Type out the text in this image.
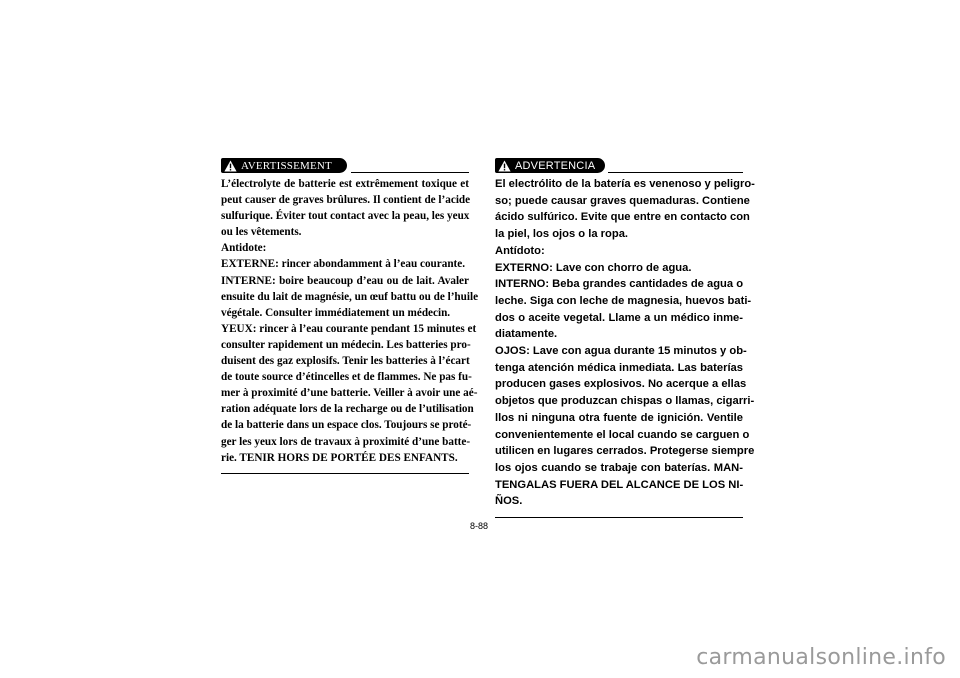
AVERTISSEMENT
L’électrolyte de batterie est extrêmement toxique et
peut causer de graves brûlures. Il contient de l’acide
sulfurique. Éviter tout contact avec la peau, les yeux
ou les vêtements.
Antidote:
EXTERNE: rincer abondamment à l’eau courante.
INTERNE: boire beaucoup d’eau ou de lait. Avaler
ensuite du lait de magnésie, un œuf battu ou de l’huile
végétale. Consulter immédiatement un médecin.
YEUX: rincer à l’eau courante pendant 15 minutes et
consulter rapidement un médecin. Les batteries pro-
duisent des gaz explosifs. Tenir les batteries à l’écart
de toute source d’étincelles et de flammes. Ne pas fu-
mer à proximité d’une batterie. Veiller à avoir une aé-
ration adéquate lors de la recharge ou de l’utilisation
de la batterie dans un espace clos. Toujours se proté-
ger les yeux lors de travaux à proximité d’une batte-
rie. TENIR HORS DE PORTÉE DES ENFANTS.
ADVERTENCIA
El electrólito de la batería es venenoso y peligro-
so; puede causar graves quemaduras. Contiene
ácido sulfúrico. Evite que entre en contacto con
la piel, los ojos o la ropa.
Antídoto:
EXTERNO: Lave con chorro de agua.
INTERNO: Beba grandes cantidades de agua o
leche. Siga con leche de magnesia, huevos bati-
dos o aceite vegetal. Llame a un médico inme-
diatamente.
OJOS: Lave con agua durante 15 minutos y ob-
tenga atención médica inmediata. Las baterías
producen gases explosivos. No acerque a ellas
objetos que produzcan chispas o llamas, cigarri-
llos ni ninguna otra fuente de ignición. Ventile
convenientemente el local cuando se carguen o
utilicen en lugares cerrados. Protegerse siempre
los ojos cuando se trabaje con baterías. MAN-
TENGALAS FUERA DEL ALCANCE DE LOS NI-
ÑOS.
8-88
carmanualsonline.info
